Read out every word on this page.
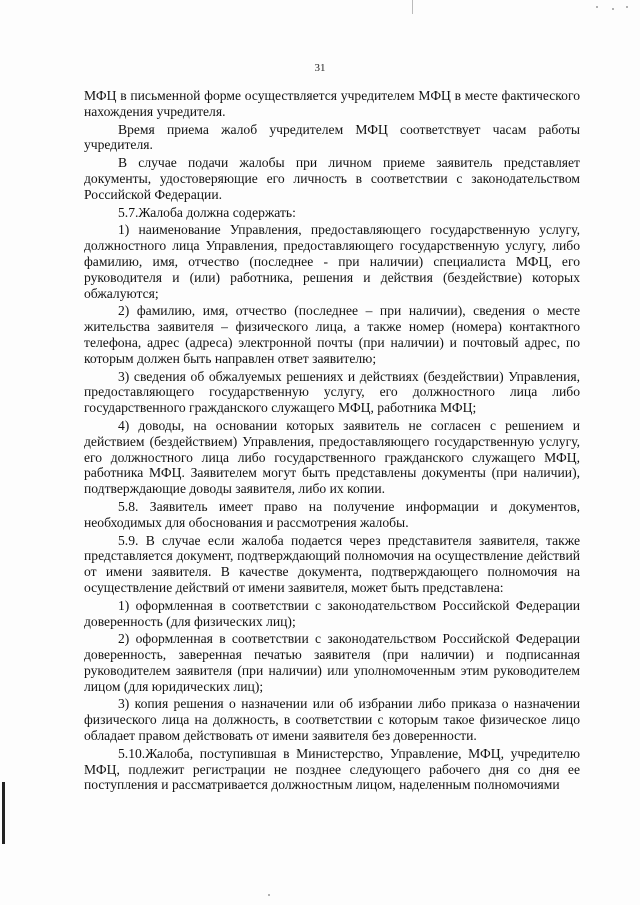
31

МФЦ в письменной форме осуществляется учредителем МФЦ в месте фактического нахождения учредителя.

Время приема жалоб учредителем МФЦ соответствует часам работы учредителя.

В случае подачи жалобы при личном приеме заявитель представляет документы, удостоверяющие его личность в соответствии с законодательством Российской Федерации.

5.7.Жалоба должна содержать:

1) наименование Управления, предоставляющего государственную услугу, должностного лица Управления, предоставляющего государственную услугу, либо фамилию, имя, отчество (последнее - при наличии) специалиста МФЦ, его руководителя и (или) работника, решения и действия (бездействие) которых обжалуются;

2) фамилию, имя, отчество (последнее – при наличии), сведения о месте жительства заявителя – физического лица, а также номер (номера) контактного телефона, адрес (адреса) электронной почты (при наличии) и почтовый адрес, по которым должен быть направлен ответ заявителю;

3) сведения об обжалуемых решениях и действиях (бездействии) Управления, предоставляющего государственную услугу, его должностного лица либо государственного гражданского служащего МФЦ, работника МФЦ;

4) доводы, на основании которых заявитель не согласен с решением и действием (бездействием) Управления, предоставляющего государственную услугу, его должностного лица либо государственного гражданского служащего МФЦ, работника МФЦ. Заявителем могут быть представлены документы (при наличии), подтверждающие доводы заявителя, либо их копии.

5.8. Заявитель имеет право на получение информации и документов, необходимых для обоснования и рассмотрения жалобы.

5.9. В случае если жалоба подается через представителя заявителя, также представляется документ, подтверждающий полномочия на осуществление действий от имени заявителя. В качестве документа, подтверждающего полномочия на осуществление действий от имени заявителя, может быть представлена:

1) оформленная в соответствии с законодательством Российской Федерации доверенность (для физических лиц);

2) оформленная в соответствии с законодательством Российской Федерации доверенность, заверенная печатью заявителя (при наличии) и подписанная руководителем заявителя (при наличии) или уполномоченным этим руководителем лицом (для юридических лиц);

3) копия решения о назначении или об избрании либо приказа о назначении физического лица на должность, в соответствии с которым такое физическое лицо обладает правом действовать от имени заявителя без доверенности.

5.10.Жалоба, поступившая в Министерство, Управление, МФЦ, учредителю МФЦ, подлежит регистрации не позднее следующего рабочего дня со дня ее поступления и рассматривается должностным лицом, наделенным полномочиями
